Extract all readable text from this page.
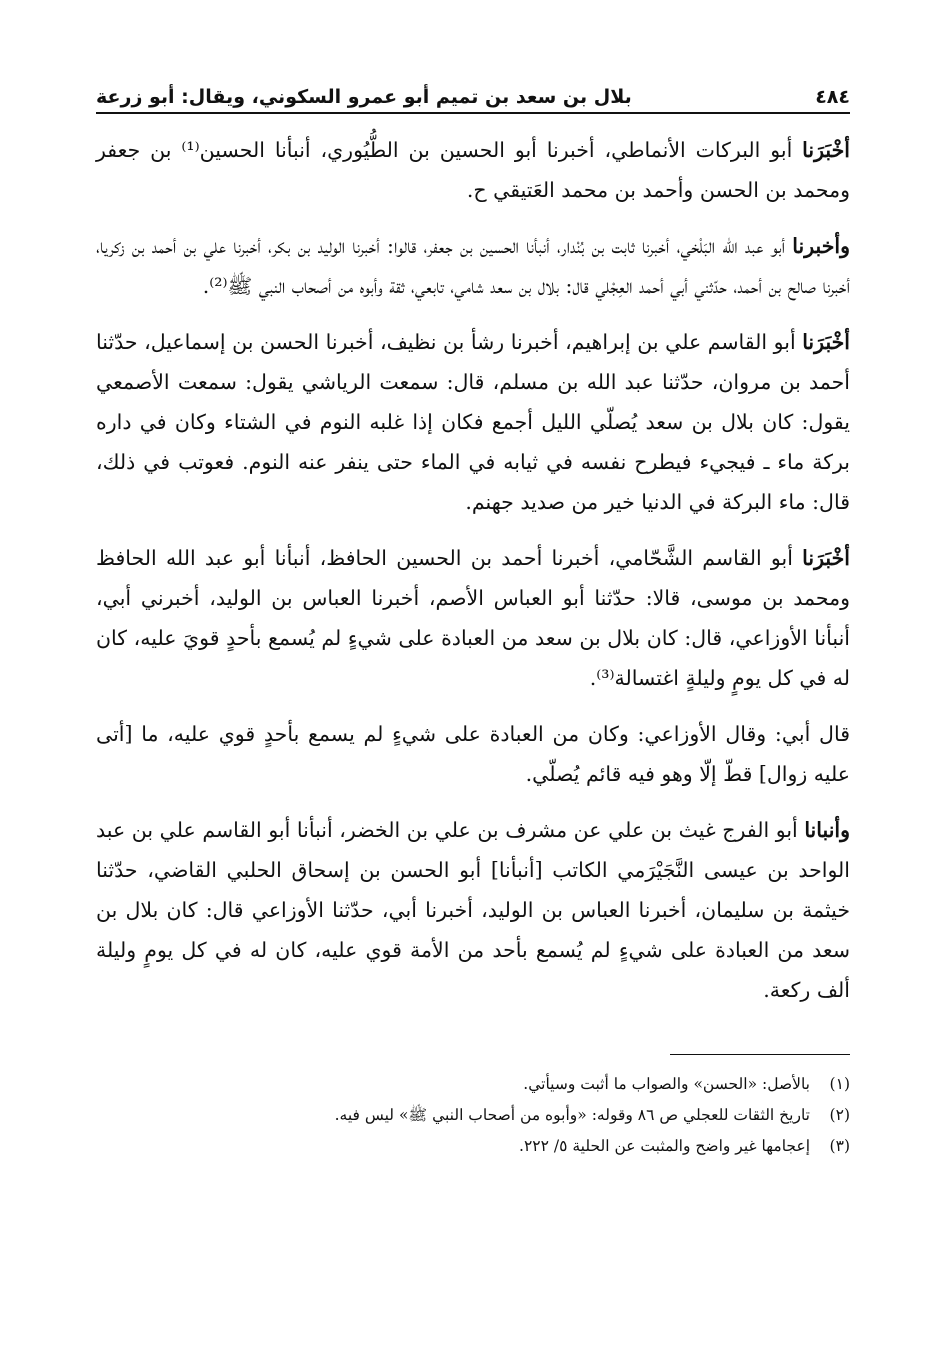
٤٨٤
بلال بن سعد بن تميم أبو عمرو السكوني، ويقال: أبو زرعة

أخْبَرَنا أبو البركات الأنماطي، أخبرنا أبو الحسين بن الطُّيُوري، أنبأنا الحسين⁽¹⁾ بن جعفر ومحمد بن الحسن وأحمد بن محمد العَتيقي ح.

وأخبرنا أبو عبد الله البَلْخي، أخبرنا ثابت بن بُنْدار، أنبأنا الحسين بن جعفر، قالوا: أخبرنا الوليد بن بكر، أخبرنا علي بن أحمد بن زكريا، أخبرنا صالح بن أحمد، حدّثني أبي أحمد العِجْلي قال: بلال بن سعد شامي، تابعي، ثقة وأبوه من أصحاب النبي ﷺ⁽²⁾.

أخْبَرَنا أبو القاسم علي بن إبراهيم، أخبرنا رشأ بن نظيف، أخبرنا الحسن بن إسماعيل، حدّثنا أحمد بن مروان، حدّثنا عبد الله بن مسلم، قال: سمعت الرياشي يقول: سمعت الأصمعي يقول: كان بلال بن سعد يُصلّي الليل أجمع فكان إذا غلبه النوم في الشتاء وكان في داره بركة ماء ـ فيجيء فيطرح نفسه في ثيابه في الماء حتى ينفر عنه النوم. فعوتب في ذلك، قال: ماء البركة في الدنيا خير من صديد جهنم.

أخْبَرَنا أبو القاسم الشَّحّامي، أخبرنا أحمد بن الحسين الحافظ، أنبأنا أبو عبد الله الحافظ ومحمد بن موسى، قالا: حدّثنا أبو العباس الأصم، أخبرنا العباس بن الوليد، أخبرني أبي، أنبأنا الأوزاعي، قال: كان بلال بن سعد من العبادة على شيءٍ لم يُسمع بأحدٍ قويَ عليه، كان له في كل يومٍ وليلةٍ اغتسالة⁽³⁾.

قال أبي: وقال الأوزاعي: وكان من العبادة على شيءٍ لم يسمع بأحدٍ قوي عليه، ما [أتى عليه زوال] قطّ إلّا وهو فيه قائم يُصلّي.

وأنبانا أبو الفرج غيث بن علي عن مشرف بن علي بن الخضر، أنبأنا أبو القاسم علي بن عبد الواحد بن عيسى النَّجَيْرَمي الكاتب [أنبأنا] أبو الحسن بن إسحاق الحلبي القاضي، حدّثنا خيثمة بن سليمان، أخبرنا العباس بن الوليد، أخبرنا أبي، حدّثنا الأوزاعي قال: كان بلال بن سعد من العبادة على شيءٍ لم يُسمع بأحد من الأمة قوي عليه، كان له في كل يومٍ وليلة ألف ركعة.

(١)
بالأصل: «الحسن» والصواب ما أثبت وسيأتي.
(٢)
تاريخ الثقات للعجلي ص ٨٦ وقوله: «وأبوه من أصحاب النبي ﷺ» ليس فيه.
(٣)
إعجامها غير واضح والمثبت عن الحلية ٥/ ٢٢٢.
